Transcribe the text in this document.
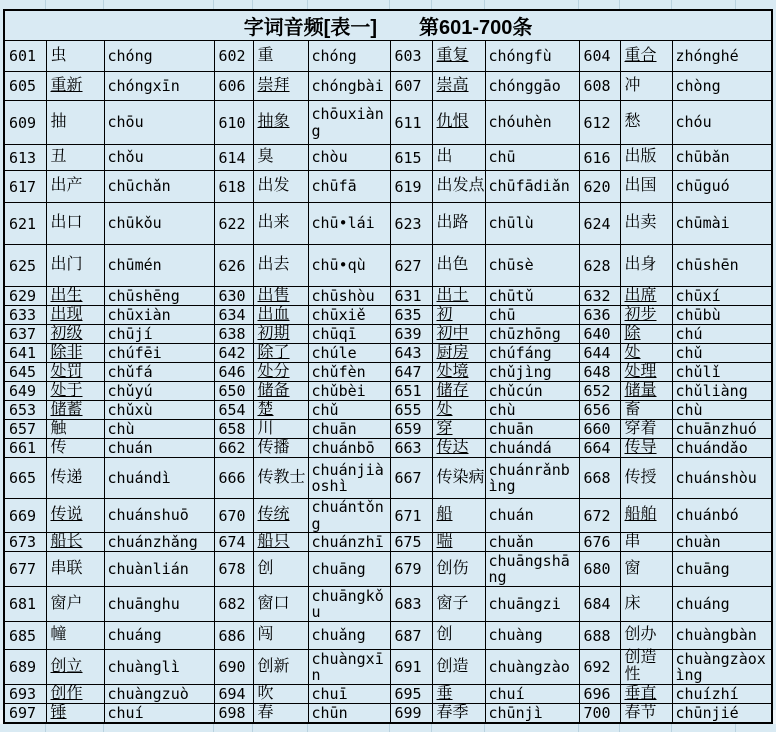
字词音频[表一] 第601-700条											
601	虫	chóng	602	重	chóng	603	重复	chóngfù	604	重合	zhónghé
605	重新	chóngxīn	606	崇拜	chóngbài	607	崇高	chónggāo	608	冲	chòng
609	抽	chōu	610	抽象	chōuxiàng	611	仇恨	chóuhèn	612	愁	chóu
613	丑	chǒu	614	臭	chòu	615	出	chū	616	出版	chūbǎn
617	出产	chūchǎn	618	出发	chūfā	619	出发点	chūfādiǎn	620	出国	chūguó
621	出口	chūkǒu	622	出来	chū•lái	623	出路	chūlù	624	出卖	chūmài
625	出门	chūmén	626	出去	chū•qù	627	出色	chūsè	628	出身	chūshēn
629	出生	chūshēng	630	出售	chūshòu	631	出土	chūtǔ	632	出席	chūxí
633	出现	chūxiàn	634	出血	chūxiě	635	初	chū	636	初步	chūbù
637	初级	chūjí	638	初期	chūqī	639	初中	chūzhōng	640	除	chú
641	除非	chúfēi	642	除了	chúle	643	厨房	chúfáng	644	处	chǔ
645	处罚	chǔfá	646	处分	chǔfèn	647	处境	chǔjìng	648	处理	chǔlǐ
649	处于	chǔyú	650	储备	chǔbèi	651	储存	chǔcún	652	储量	chǔliàng
653	储蓄	chǔxù	654	楚	chǔ	655	处	chù	656	畜	chù
657	触	chù	658	川	chuān	659	穿	chuān	660	穿着	chuānzhuó
661	传	chuán	662	传播	chuánbō	663	传达	chuándá	664	传导	chuándǎo
665	传递	chuándì	666	传教士	chuánjiàoshì	667	传染病	chuánrǎnbìng	668	传授	chuánshòu
669	传说	chuánshuō	670	传统	chuántǒng	671	船	chuán	672	船舶	chuánbó
673	船长	chuánzhǎng	674	船只	chuánzhī	675	喘	chuǎn	676	串	chuàn
677	串联	chuànlián	678	创	chuāng	679	创伤	chuāngshāng	680	窗	chuāng
681	窗户	chuānghu	682	窗口	chuāngkǒu	683	窗子	chuāngzi	684	床	chuáng
685	幢	chuáng	686	闯	chuǎng	687	创	chuàng	688	创办	chuàngbàn
689	创立	chuànglì	690	创新	chuàngxīn	691	创造	chuàngzào	692	创造性	chuàngzàoxìng
693	创作	chuàngzuò	694	吹	chuī	695	垂	chuí	696	垂直	chuízhí
697	锤	chuí	698	春	chūn	699	春季	chūnjì	700	春节	chūnjié
